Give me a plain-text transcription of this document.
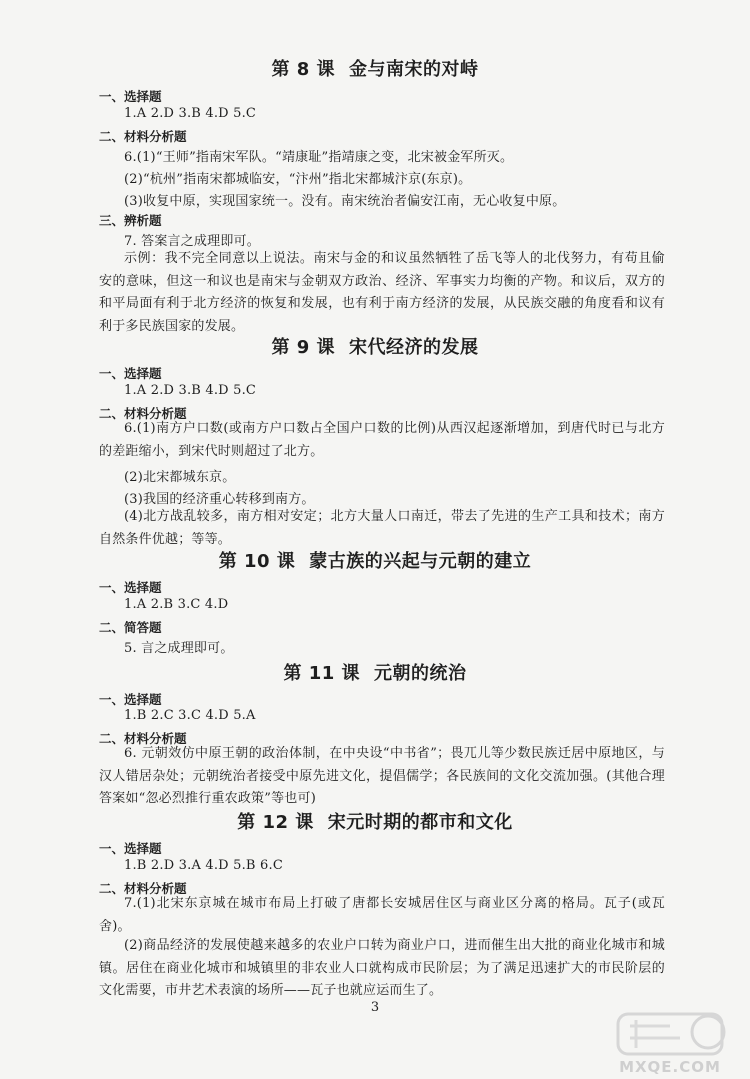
第 8 课 金与南宋的对峙
一、选择题
1.A 2.D 3.B 4.D 5.C
二、材料分析题
6.(1)“王师”指南宋军队。“靖康耻”指靖康之变，北宋被金军所灭。
(2)“杭州”指南宋都城临安，“汴州”指北宋都城汴京(东京)。
(3)收复中原，实现国家统一。没有。南宋统治者偏安江南，无心收复中原。
三、辨析题
7. 答案言之成理即可。
示例：我不完全同意以上说法。南宋与金的和议虽然牺牲了岳飞等人的北伐努力，有苟且偷安的意味，但这一和议也是南宋与金朝双方政治、经济、军事实力均衡的产物。和议后，双方的和平局面有利于北方经济的恢复和发展，也有利于南方经济的发展，从民族交融的角度看和议有利于多民族国家的发展。
第 9 课 宋代经济的发展
一、选择题
1.A 2.D 3.B 4.D 5.C
二、材料分析题
6.(1)南方户口数(或南方户口数占全国户口数的比例)从西汉起逐渐增加，到唐代时已与北方的差距缩小，到宋代时则超过了北方。
(2)北宋都城东京。
(3)我国的经济重心转移到南方。
(4)北方战乱较多，南方相对安定；北方大量人口南迁，带去了先进的生产工具和技术；南方自然条件优越；等等。
第 10 课 蒙古族的兴起与元朝的建立
一、选择题
1.A 2.B 3.C 4.D
二、简答题
5. 言之成理即可。
第 11 课 元朝的统治
一、选择题
1.B 2.C 3.C 4.D 5.A
二、材料分析题
6. 元朝效仿中原王朝的政治体制，在中央设“中书省”；畏兀儿等少数民族迁居中原地区，与汉人错居杂处；元朝统治者接受中原先进文化，提倡儒学；各民族间的文化交流加强。(其他合理答案如“忽必烈推行重农政策”等也可)
第 12 课 宋元时期的都市和文化
一、选择题
1.B 2.D 3.A 4.D 5.B 6.C
二、材料分析题
7.(1)北宋东京城在城市布局上打破了唐都长安城居住区与商业区分离的格局。瓦子(或瓦舍)。
(2)商品经济的发展使越来越多的农业户口转为商业户口，进而催生出大批的商业化城市和城镇。居住在商业化城市和城镇里的非农业人口就构成市民阶层；为了满足迅速扩大的市民阶层的文化需要，市井艺术表演的场所——瓦子也就应运而生了。
3
MXQE.COM
